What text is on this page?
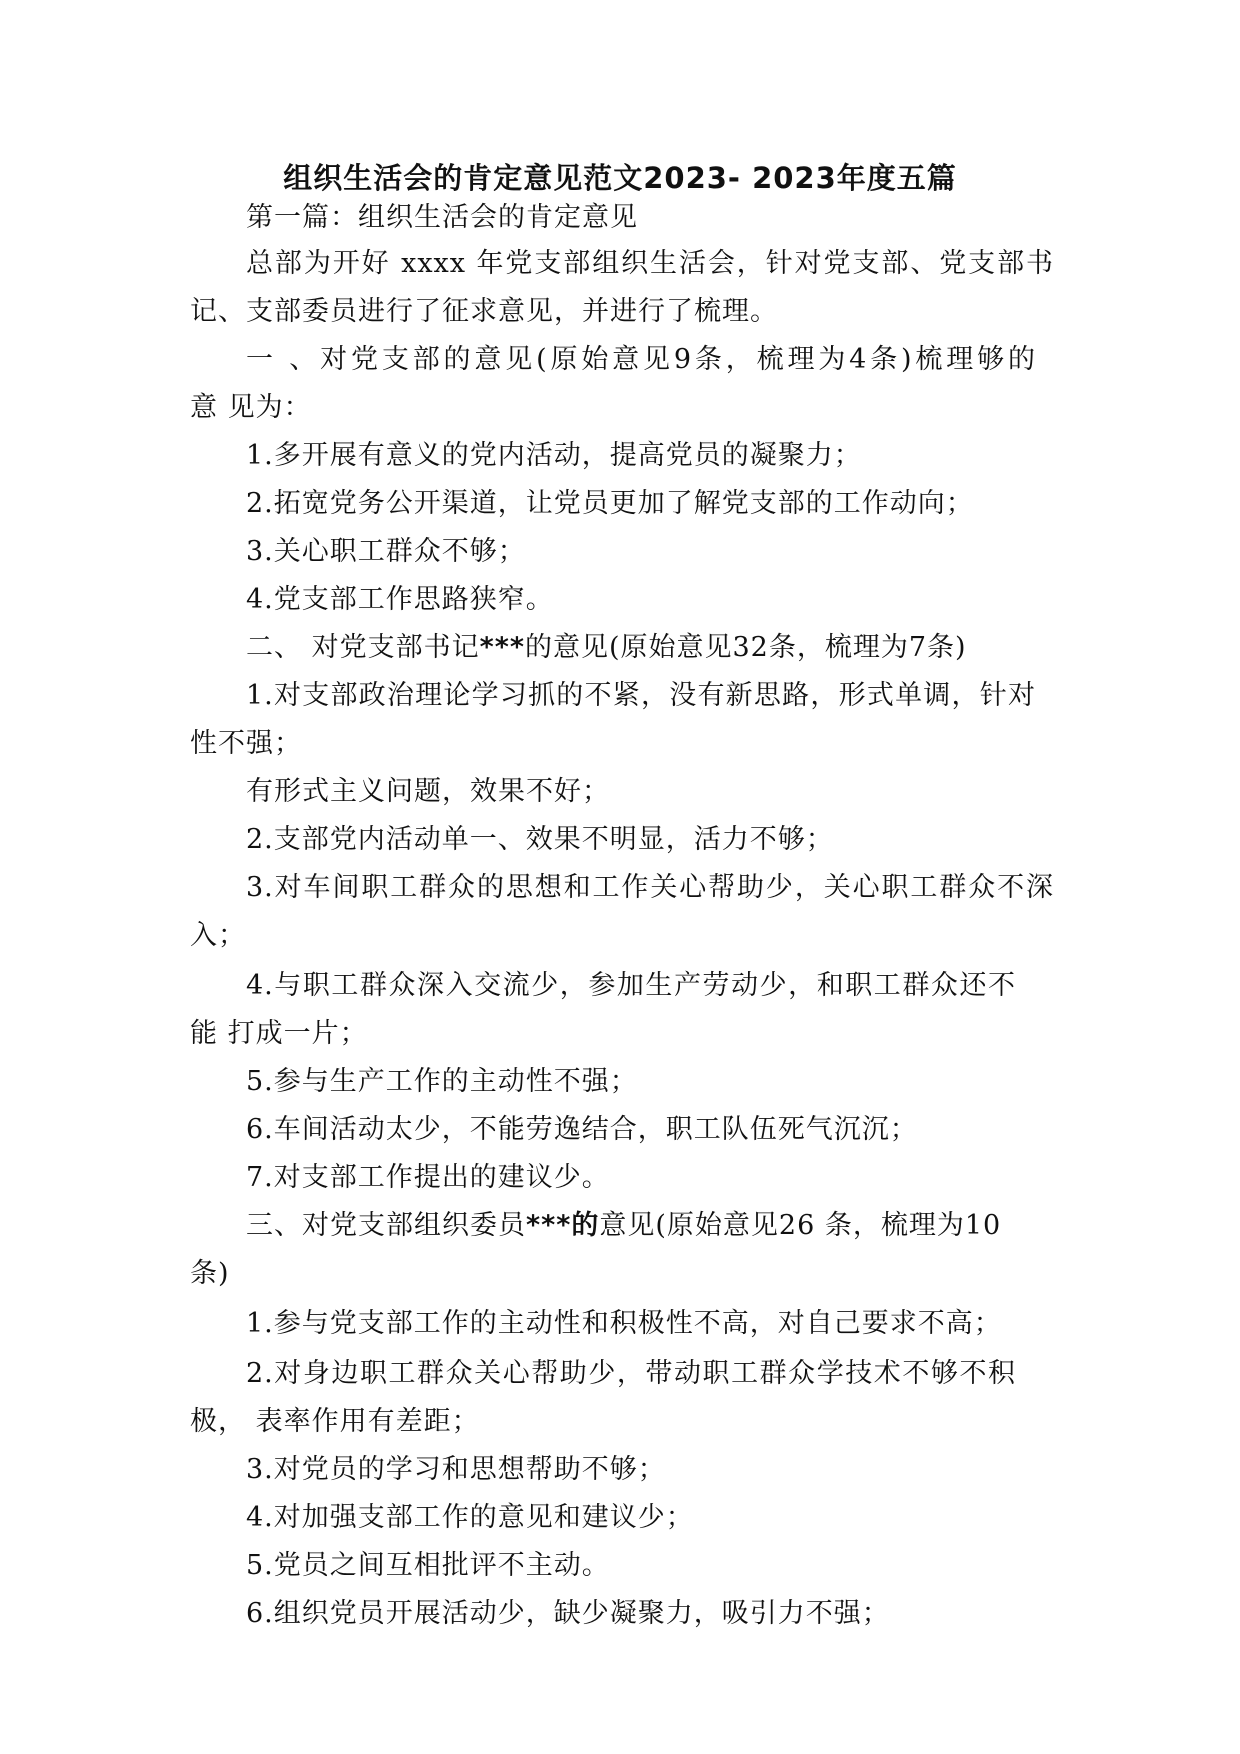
组织生活会的肯定意见范文2023- 2023年度五篇
第一篇：组织生活会的肯定意见
总部为开好 xxxx 年党支部组织生活会，针对党支部、党支部书
记、支部委员进行了征求意见，并进行了梳理。
一 、对党支部的意见(原始意见9条，梳理为4条)梳理够的
意 见为：
1.多开展有意义的党内活动，提高党员的凝聚力；
2.拓宽党务公开渠道，让党员更加了解党支部的工作动向；
3.关心职工群众不够；
4.党支部工作思路狭窄。
二、 对党支部书记***的意见(原始意见32条，梳理为7条)
1.对支部政治理论学习抓的不紧，没有新思路，形式单调，针对
性不强；
有形式主义问题，效果不好；
2.支部党内活动单一、效果不明显，活力不够；
3.对车间职工群众的思想和工作关心帮助少，关心职工群众不深
入；
4.与职工群众深入交流少，参加生产劳动少，和职工群众还不
能 打成一片；
5.参与生产工作的主动性不强；
6.车间活动太少，不能劳逸结合，职工队伍死气沉沉；
7.对支部工作提出的建议少。
三、对党支部组织委员***的意见(原始意见26 条，梳理为10
条)
1.参与党支部工作的主动性和积极性不高，对自己要求不高；
2.对身边职工群众关心帮助少，带动职工群众学技术不够不积
极， 表率作用有差距；
3.对党员的学习和思想帮助不够；
4.对加强支部工作的意见和建议少；
5.党员之间互相批评不主动。
6.组织党员开展活动少，缺少凝聚力，吸引力不强；
